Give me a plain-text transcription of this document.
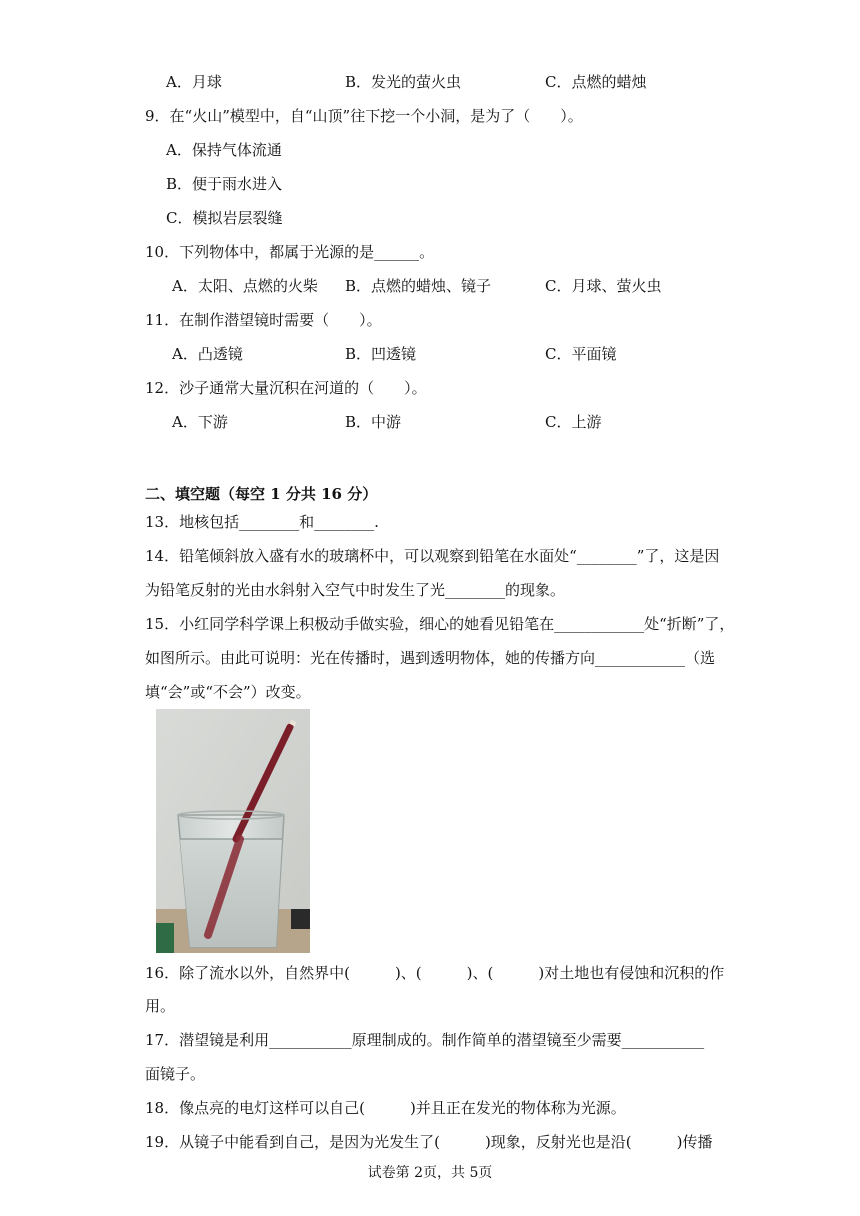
A．月球	B．发光的萤火虫	C．点燃的蜡烛
9．在“火山”模型中，自“山顶”往下挖一个小洞，是为了（　　）。
A．保持气体流通
B．便于雨水进入
C．模拟岩层裂缝
10．下列物体中，都属于光源的是______。
A．太阳、点燃的火柴 B．点燃的蜡烛、镜子	C．月球、萤火虫
11．在制作潜望镜时需要（　　）。
A．凸透镜	B．凹透镜	C．平面镜
12．沙子通常大量沉积在河道的（　　）。
A．下游	B．中游	C．上游
二、填空题（每空 1 分共 16 分）
13．地核包括________和________.
14．铅笔倾斜放入盛有水的玻璃杯中，可以观察到铅笔在水面处“________”了，这是因
为铅笔反射的光由水斜射入空气中时发生了光________的现象。
15．小红同学科学课上积极动手做实验，细心的她看见铅笔在____________处“折断”了，
如图所示。由此可说明：光在传播时，遇到透明物体，她的传播方向____________（选
填“会”或“不会”）改变。
16．除了流水以外，自然界中(　　　)、(　　　)、(　　　)对土地也有侵蚀和沉积的作
用。
17．潜望镜是利用___________原理制成的。制作简单的潜望镜至少需要___________
面镜子。
18．像点亮的电灯这样可以自己(　　　)并且正在发光的物体称为光源。
19．从镜子中能看到自己，是因为光发生了(　　　)现象，反射光也是沿(　　　)传播
试卷第 2页，共 5页
